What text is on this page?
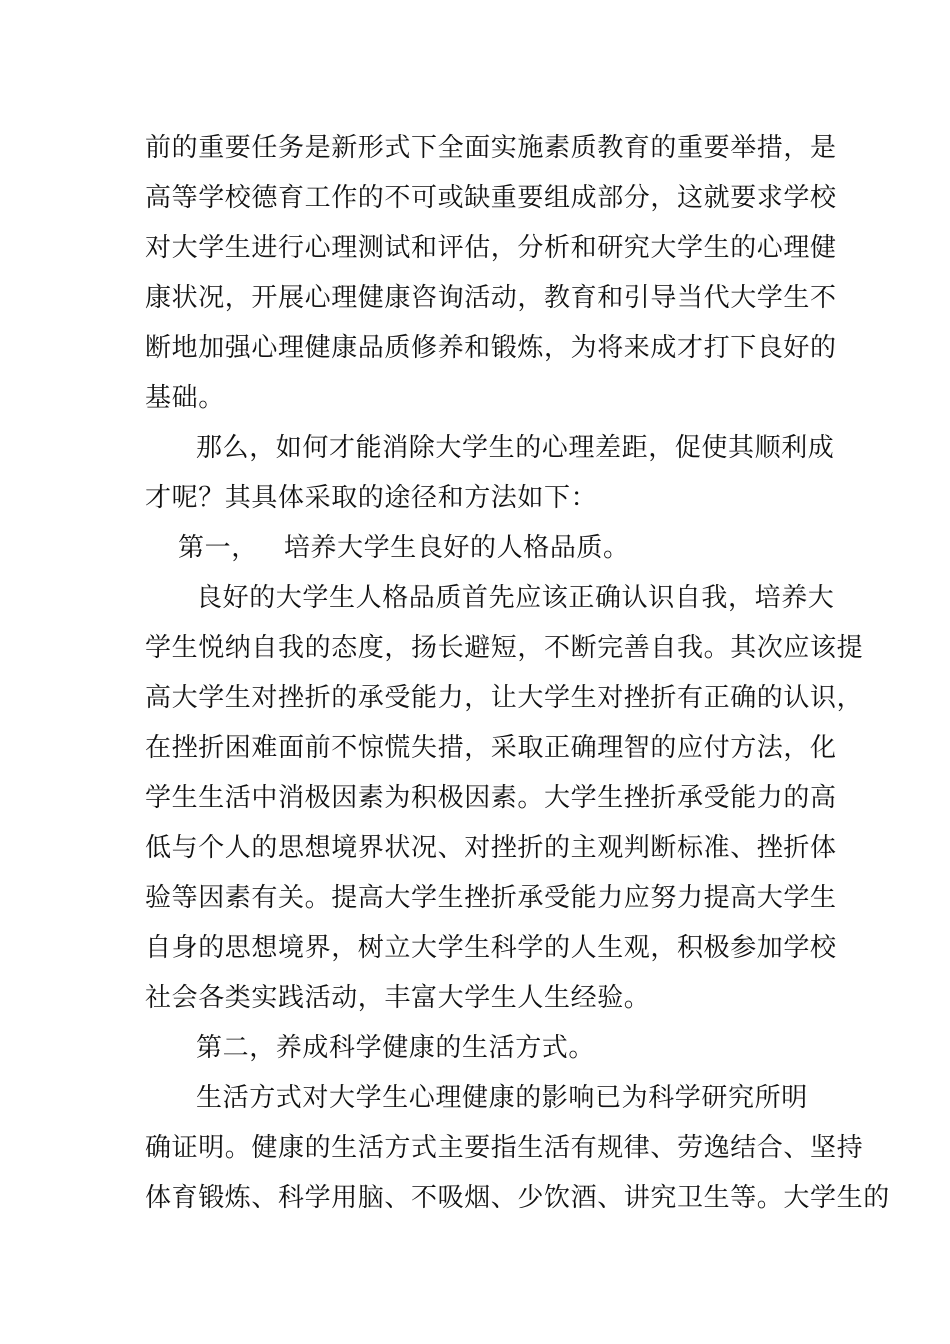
前的重要任务是新形式下全面实施素质教育的重要举措，是
高等学校德育工作的不可或缺重要组成部分，这就要求学校
对大学生进行心理测试和评估，分析和研究大学生的心理健
康状况，开展心理健康咨询活动，教育和引导当代大学生不
断地加强心理健康品质修养和锻炼，为将来成才打下良好的
基础。
那么，如何才能消除大学生的心理差距，促使其顺利成
才呢？其具体采取的途径和方法如下：
第一， 培养大学生良好的人格品质。
良好的大学生人格品质首先应该正确认识自我，培养大
学生悦纳自我的态度，扬长避短，不断完善自我。其次应该提
高大学生对挫折的承受能力，让大学生对挫折有正确的认识，
在挫折困难面前不惊慌失措，采取正确理智的应付方法，化
学生生活中消极因素为积极因素。大学生挫折承受能力的高
低与个人的思想境界状况、对挫折的主观判断标准、挫折体
验等因素有关。提高大学生挫折承受能力应努力提高大学生
自身的思想境界，树立大学生科学的人生观，积极参加学校
社会各类实践活动，丰富大学生人生经验。
第二，养成科学健康的生活方式。
生活方式对大学生心理健康的影响已为科学研究所明
确证明。健康的生活方式主要指生活有规律、劳逸结合、坚持
体育锻炼、科学用脑、不吸烟、少饮酒、讲究卫生等。大学生的
